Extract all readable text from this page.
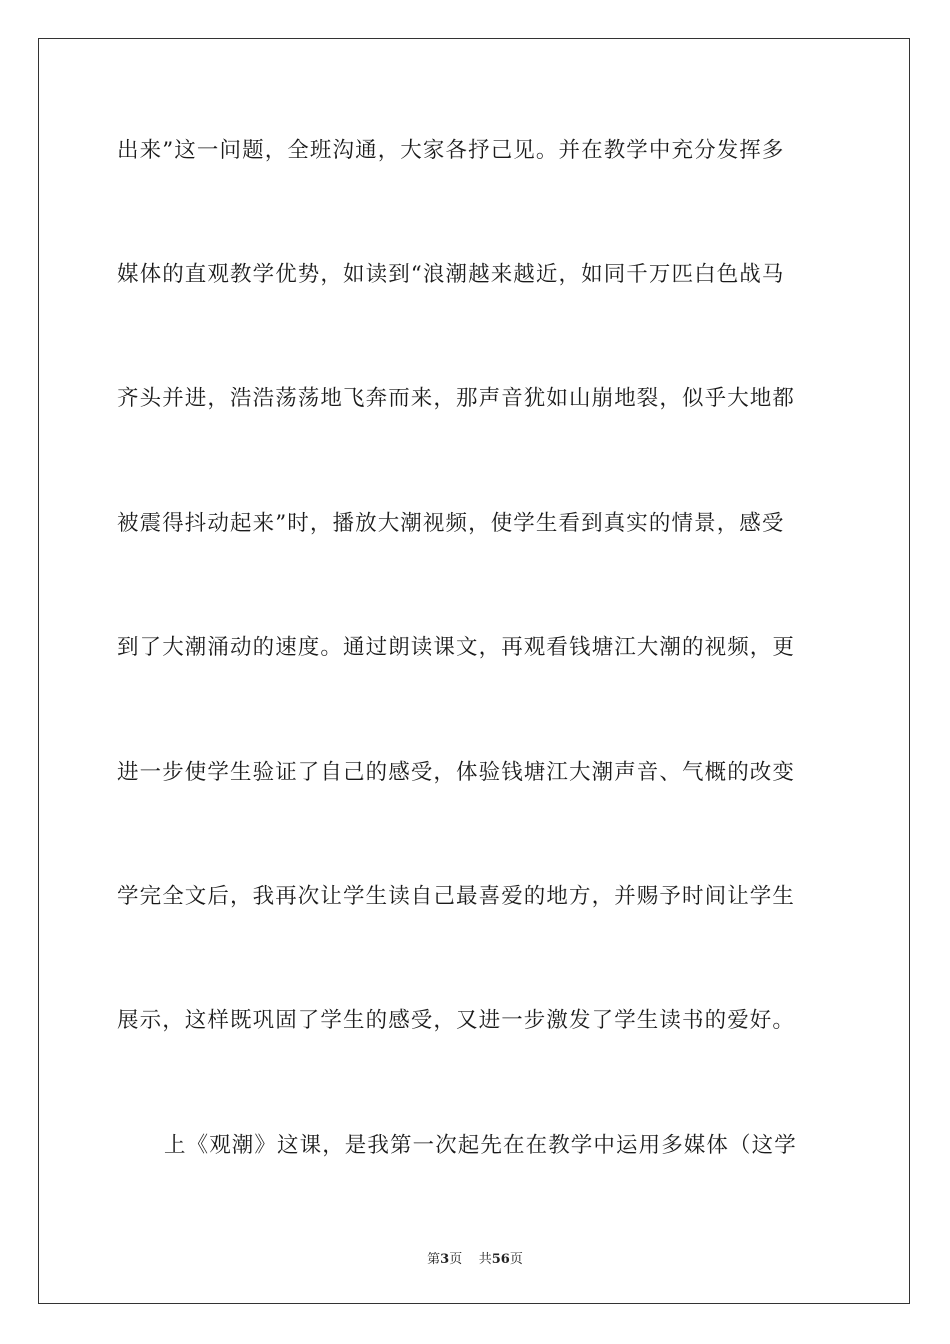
出来”这一问题，全班沟通，大家各抒己见。并在教学中充分发挥多
媒体的直观教学优势，如读到“浪潮越来越近，如同千万匹白色战马
齐头并进，浩浩荡荡地飞奔而来，那声音犹如山崩地裂，似乎大地都
被震得抖动起来”时，播放大潮视频，使学生看到真实的情景，感受
到了大潮涌动的速度。通过朗读课文，再观看钱塘江大潮的视频，更
进一步使学生验证了自己的感受，体验钱塘江大潮声音、气概的改变
学完全文后，我再次让学生读自己最喜爱的地方，并赐予时间让学生
展示，这样既巩固了学生的感受，又进一步激发了学生读书的爱好。
上《观潮》这课，是我第一次起先在在教学中运用多媒体（这学
第3页 共56页
